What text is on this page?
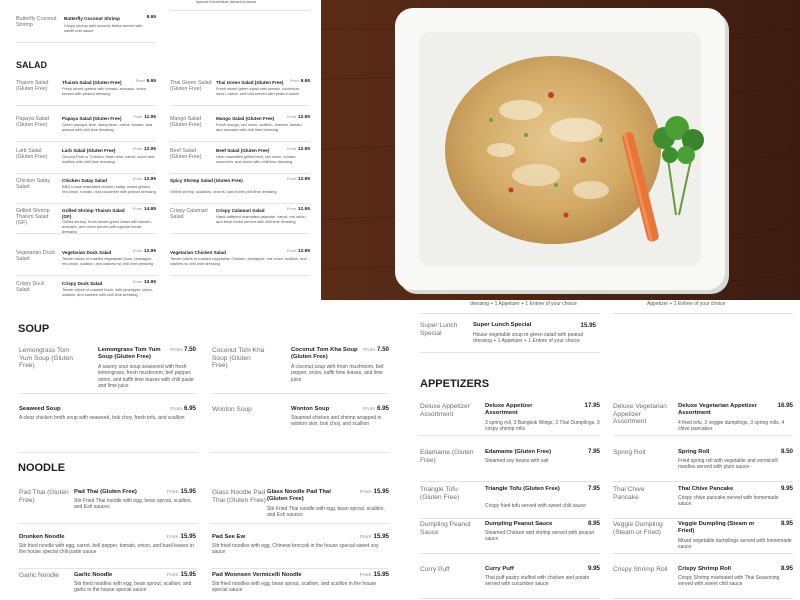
Butterfly Coconut Shrimp
Butterfly Coconut Shrimp	8.95
Crispy shrimp with coconut flakes served with sweet chili sauce
special homemade tamarind sauce
SALAD
Thaism Salad (Gluten Free)
Thaism Salad (Gluten Free)	From 9.95
Fresh mixed greens with tomato, avocado, onion served with peanut dressing
Thai Green Salad (Gluten Free)
Thai Green Salad (Gluten Free)	From 9.95
Fresh mixed green salad with tomato, cucumber, onion, carrot, and tofu served with peanut sauce
Papaya Salad (Gluten Free)
Papaya Salad (Gluten Free)	From 11.95
Green papaya, lime, string bean, carrot, tomato, and peanut with chili lime dressing
Mango Salad (Gluten Free)
Mango Salad (Gluten Free)	From 12.95
Fresh mango, red onion, scallion, cashew, tomato, and avocado with chili lime dressing
Larb Salad (Gluten Free)
Larb Salad (Gluten Free)	From 12.95
Ground Pork or Chicken, fresh mint, carrot, onion and scallion with chili lime dressing
Beef Salad (Gluten Free)
Beef Salad (Gluten Free)	From 12.95
Herb marinated grilled beef, red onion, tomato, cucumber, and carrot with chili lime dressing
Chicken Satay Salad
Chicken Satay Salad	From 12.95
BBQ house marinated chicken satay, mixed greens, red onion, tomato, and cucumber with peanut dressing
Spicy Shrimp Salad (Gluten Free)	From 12.95
Grilled shrimp, scallions, onions, carrot with chili lime dressing
Grilled Shrimp Thaism Salad (GF)
Grilled Shrimp Thaism Salad (GF)
From 14.95
Grilled shrimp, fresh mixed green salad with tomato, avocado, and onion served with special house dressing
Crispy Calamari Salad
Crispy Calamari Salad	From 12.95
Hand-battered marinated calamari, carrot, red onion, and fresh herbs served with chili lime dressing
Vegetarian Duck Salad
Vegetarian Duck Salad	From 12.95
Tender slices of roasted vegetarian Duck, pineapple, red onion, scallion, and cashew w/ chili lime dressing
Vegetarian Chicken Salad	From 12.95
Tender slices of roasted vegetarian Chicken, pineapple, red onion, scallion, and cashew w/ chili lime dressing
Crispy Duck Salad
Crispy Duck Salad	From 13.95
Tender slices of roasted Duck, with pineapple, onion, scallion, and cashew with chili lime dressing
SOUP
Lemongrass Tom Yum Soup (Gluten Free)
Lemongrass Tom Yum Soup (Gluten Free)
From 7.50
A savory sour soup seasoned with fresh lemongrass, fresh mushroom, bell pepper, onion, and kaffir lime leaves with chili paste and lime juice
Coconut Tom Kha Soup (Gluten Free)
Coconut Tom Kha Soup (Gluten Free)
From 7.50
A coconut soup with fresh mushroom, bell pepper, onion, kaffir lime leaves, and lime juice
Seaweed Soup	From 6.95
A clear chicken broth soup with seaweed, bok choy, fresh tofu, and scallion
Wonton Soup	Wonton Soup	From 6.95
Steamed chicken and shrimp wrapped in wonton skin, bok choy, and scallion
NOODLE
Pad Thai (Gluten Free)
Pad Thai (Gluten Free)	From 15.95
Stir Fried Thai noodle with egg, bean sprout, scallion, and Esh sauces
Glass Noodle Pad Thai (Gluten Free)
Glass Noodle Pad Thai (Gluten Free)
From 15.95
Stir Fried Thai noodle with egg, bean sprout, scallion, and Esh sauces
Drunken Noodle	From 15.95
Stir fried noodle with egg, carrot, bell pepper, tomato, onion, and basil leaves in the house special chili paste sauce
Pad See Ew	From 15.95
Stir fried noodles with egg, Chinese broccoli in the house special sweet soy sauce
Garlic Noodle	Garlic Noodle	From 15.95
Stir fried noodles with egg, bean sprout, scallion, and garlic in the house special sauce
Pad Woonsen Vermicelli Noodle	From 15.95
Stir fried noodles with egg, bean sprout, scallion, and scallion in the house special sauce
dressing + 1 Appetizer + 1 Entree of your choice	Appetizer + 1 Entree of your choice
Super Lunch Special
Super Lunch Special	15.95
House vegetable soup or green salad with peanut dressing + 1 Appetizer + 1 Entree of your choice
APPETIZERS
Deluxe Appetizer Assortment
Deluxe Appetizer Assortment
17.95
3 spring roll, 3 Bangkok Wings, 3 Thai Dumplings, 3 crispy shrimp rolls
Deluxe Vegetarian Appetizer Assortment
Deluxe Vegetarian Appetizer Assortment
16.95
4 fried tofu, 3 veggie dumplings, 3 spring rolls, 4 chive pancakes
Edamame (Gluten Free)
Edamame (Gluten Free)	7.95
Steamed soy beans with salt
Spring Roll	Spring Roll	8.50
Fried spring roll with vegetable and vermicelli noodles served with plum sauce
Triangle Tofu (Gluten Free)
Triangle Tofu (Gluten Free)	7.95
Crispy fried tofu served with sweet chili sauce
Thai Chive Pancake
Thai Chive Pancake	9.95
Crispy chive pancake served with homemade sauce
Dumpling Peanut Sauce
Dumpling Peanut Sauce	8.95
Steamed Chicken and shrimp served with peanut sauce
Veggie Dumpling (Steam or Fried)
Veggie Dumpling (Steam or Fried)
8.95
Mixed vegetable dumplings served with homemade sauce
Curry Puff	Curry Puff	9.95
Thai puff pastry stuffed with chicken and potato served with cucumber sauce
Crispy Shrimp Roll Crispy Shrimp Roll	8.95
Crispy Shrimp marinated with Thai Seasoning served with sweet chili sauce
